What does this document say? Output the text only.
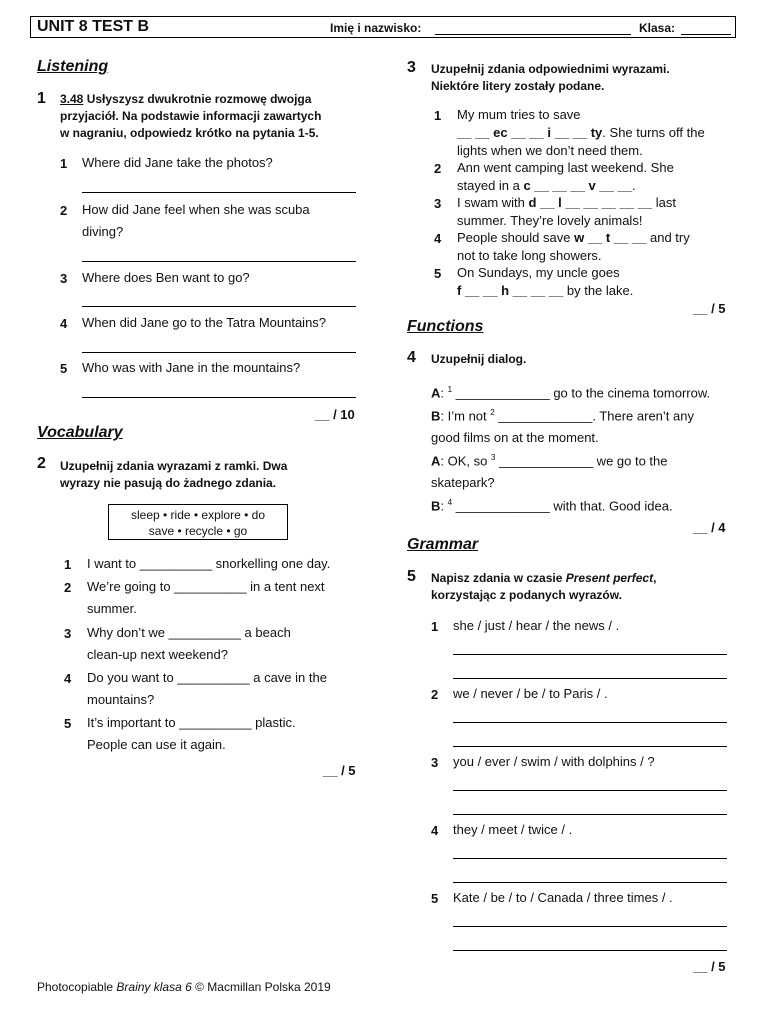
UNIT 8 TEST B	Imię i nazwisko:	Klasa:
Listening
1 3.48 Usłyszysz dwukrotnie rozmowę dwojga
przyjaciół. Na podstawie informacji zawartych
w nagraniu, odpowiedz krótko na pytania 1-5.
1 Where did Jane take the photos?
2 How did Jane feel when she was scuba
diving?
3 Where does Ben want to go?
4 When did Jane go to the Tatra Mountains?
5 Who was with Jane in the mountains?
__ / 10
Vocabulary
2 Uzupełnij zdania wyrazami z ramki. Dwa
wyrazy nie pasują do żadnego zdania.
sleep • ride • explore • do
save • recycle • go
1 I want to __________ snorkelling one day.
2 We’re going to __________ in a tent next
summer.
3 Why don’t we __________ a beach
clean-up next weekend?
4 Do you want to __________ a cave in the
mountains?
5 It’s important to __________ plastic.
People can use it again.
__ / 5
3 Uzupełnij zdania odpowiednimi wyrazami.
Niektóre litery zostały podane.
1 My mum tries to save
__ __ ec __ __ i __ __ ty. She turns off the
lights when we don’t need them.
2 Ann went camping last weekend. She
stayed in a c __ __ __ v __ __.
3 I swam with d __ l __ __ __ __ __ last
summer. They’re lovely animals!
4 People should save w __ t __ __ and try
not to take long showers.
5 On Sundays, my uncle goes
f __ __ h __ __ __ by the lake.
__ / 5
Functions
4 Uzupełnij dialog.
A: $^1$ _____________ go to the cinema tomorrow.
B: I’m not $^2$ _____________. There aren’t any
good films on at the moment.
A: OK, so $^3$ _____________ we go to the
skatepark?
B: $^4$ _____________ with that. Good idea.
__ / 4
Grammar
5 Napisz zdania w czasie Present perfect,
korzystając z podanych wyrazów.
1 she / just / hear / the news / .
2 we / never / be / to Paris / .
3 you / ever / swim / with dolphins / ?
4 they / meet / twice / .
5 Kate / be / to / Canada / three times / .
__ / 5
Photocopiable Brainy klasa 6 © Macmillan Polska 2019
